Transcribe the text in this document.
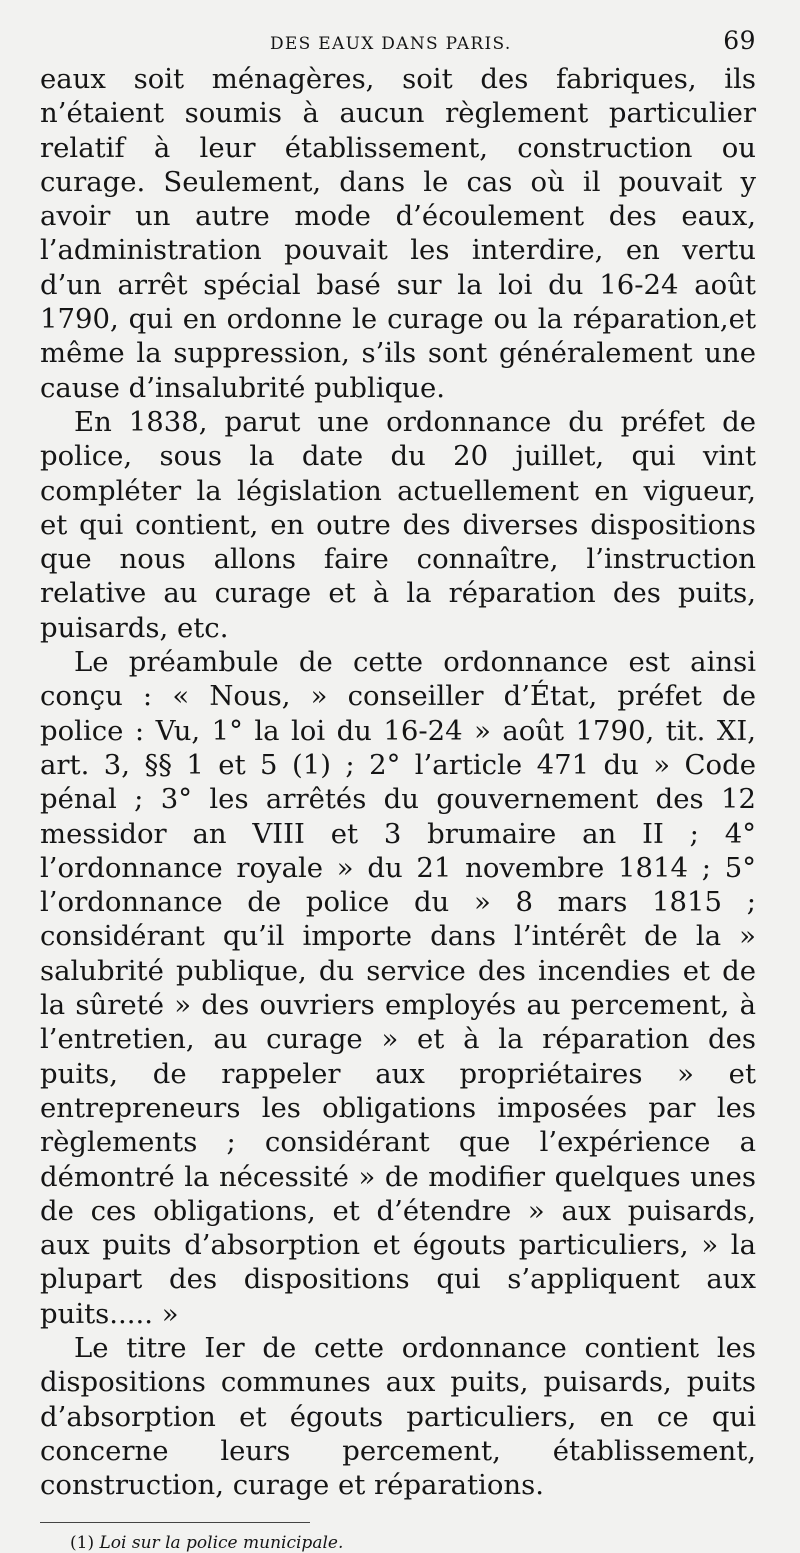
DES EAUX DANS PARIS.	69

eaux soit ménagères, soit des fabriques, ils n’étaient soumis à aucun règlement particulier relatif à leur établissement, construction ou curage. Seulement, dans le cas où il pouvait y avoir un autre mode d’écoulement des eaux, l’administration pouvait les interdire, en vertu d’un arrêt spécial basé sur la loi du 16-24 août 1790, qui en ordonne le curage ou la réparation,et même la suppression, s’ils sont généralement une cause d’insalubrité publique.

En 1838, parut une ordonnance du préfet de police, sous la date du 20 juillet, qui vint compléter la législation actuellement en vigueur, et qui contient, en outre des diverses dispositions que nous allons faire connaître, l’instruction relative au curage et à la réparation des puits, puisards, etc.

Le préambule de cette ordonnance est ainsi conçu : « Nous, » conseiller d’État, préfet de police : Vu, 1° la loi du 16-24 » août 1790, tit. XI, art. 3, §§ 1 et 5 (1) ; 2° l’article 471 du » Code pénal ; 3° les arrêtés du gouvernement des 12 messidor an VIII et 3 brumaire an II ; 4° l’ordonnance royale » du 21 novembre 1814 ; 5° l’ordonnance de police du » 8 mars 1815 ; considérant qu’il importe dans l’intérêt de la » salubrité publique, du service des incendies et de la sûreté » des ouvriers employés au percement, à l’entretien, au curage » et à la réparation des puits, de rappeler aux propriétaires » et entrepreneurs les obligations imposées par les règlements ; considérant que l’expérience a démontré la nécessité » de modifier quelques unes de ces obligations, et d’étendre » aux puisards, aux puits d’absorption et égouts particuliers, » la plupart des dispositions qui s’appliquent aux puits..... »

Le titre Ier de cette ordonnance contient les dispositions communes aux puits, puisards, puits d’absorption et égouts particuliers, en ce qui concerne leurs percement, établissement, construction, curage et réparations.

(1) Loi sur la police municipale.
